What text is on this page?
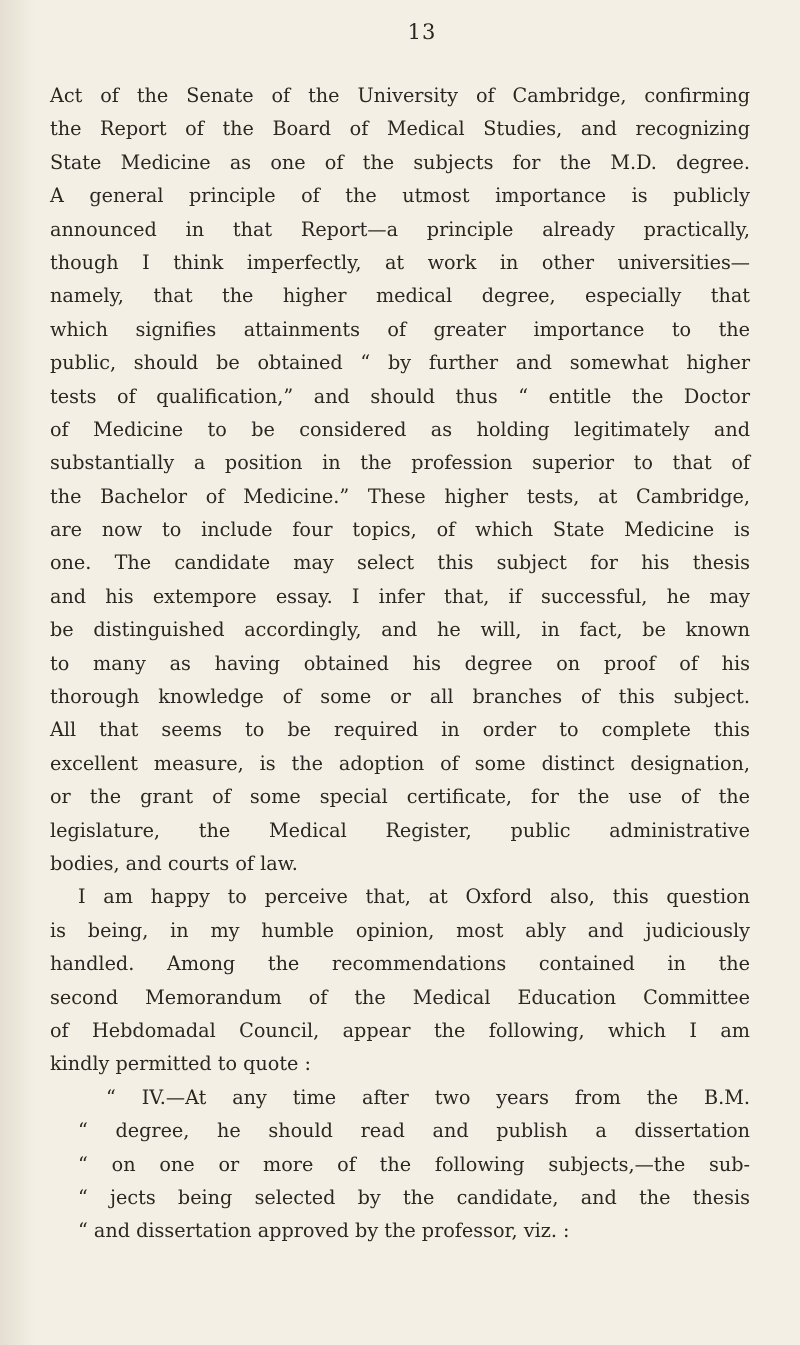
13
Act of the Senate of the University of Cambridge, confirming
the Report of the Board of Medical Studies, and recognizing
State Medicine as one of the subjects for the M.D. degree.
A general principle of the utmost importance is publicly
announced in that Report—a principle already practically,
though I think imperfectly, at work in other universities—
namely, that the higher medical degree, especially that
which signifies attainments of greater importance to the
public, should be obtained “ by further and somewhat higher
tests of qualification,” and should thus “ entitle the Doctor
of Medicine to be considered as holding legitimately and
substantially a position in the profession superior to that of
the Bachelor of Medicine.” These higher tests, at Cambridge,
are now to include four topics, of which State Medicine is
one. The candidate may select this subject for his thesis
and his extempore essay. I infer that, if successful, he may
be distinguished accordingly, and he will, in fact, be known
to many as having obtained his degree on proof of his
thorough knowledge of some or all branches of this subject.
All that seems to be required in order to complete this
excellent measure, is the adoption of some distinct designation,
or the grant of some special certificate, for the use of the
legislature, the Medical Register, public administrative
bodies, and courts of law.
I am happy to perceive that, at Oxford also, this question
is being, in my humble opinion, most ably and judiciously
handled. Among the recommendations contained in the
second Memorandum of the Medical Education Committee
of Hebdomadal Council, appear the following, which I am
kindly permitted to quote :
“ IV.—At any time after two years from the B.M.
“ degree, he should read and publish a dissertation
“ on one or more of the following subjects,—the sub-
“ jects being selected by the candidate, and the thesis
“ and dissertation approved by the professor, viz. :
